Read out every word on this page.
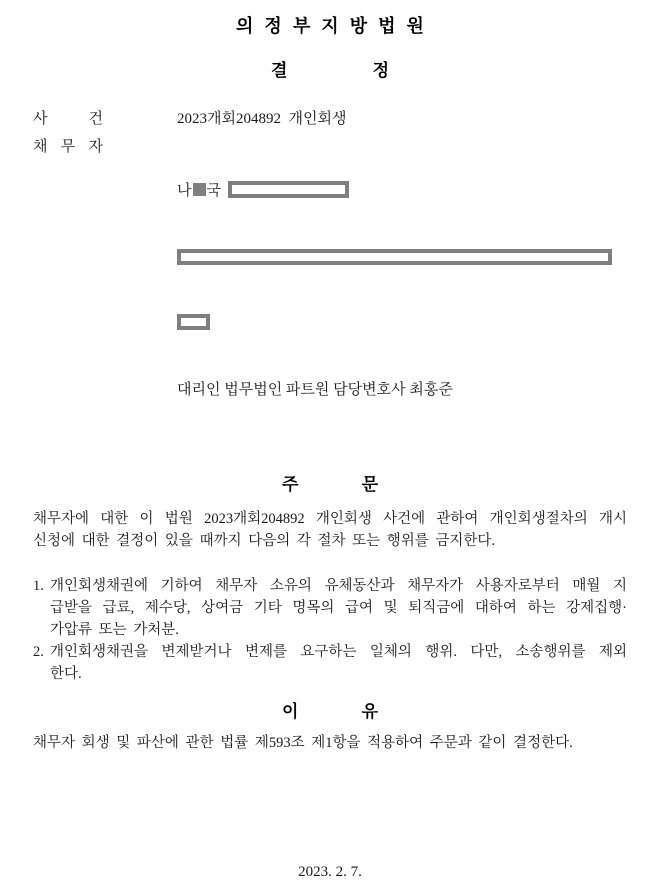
의 정 부 지 방 법 원
결	정
사	건	2023개회204892  개인회생
채 무 자

나 국

대리인 법무법인 파트원 담당변호사 최홍준

주	문
채무자에 대한 이 법원 2023개회204892 개인회생 사건에 관하여 개인회생절차의 개시
신청에 대한 결정이 있을 때까지 다음의 각 절차 또는 행위를 금지한다.
1. 개인회생채권에 기하여 채무자 소유의 유체동산과 채무자가 사용자로부터 매월 지
급받을 급료, 제수당, 상여금 기타 명목의 급여 및 퇴직금에 대하여 하는 강제집행·
가압류 또는 가처분.
2. 개인회생채권을 변제받거나 변제를 요구하는 일체의 행위. 다만, 소송행위를 제외
한다.
이	유
채무자 회생 및 파산에 관한 법률 제593조 제1항을 적용하여 주문과 같이 결정한다.
2023. 2. 7.
